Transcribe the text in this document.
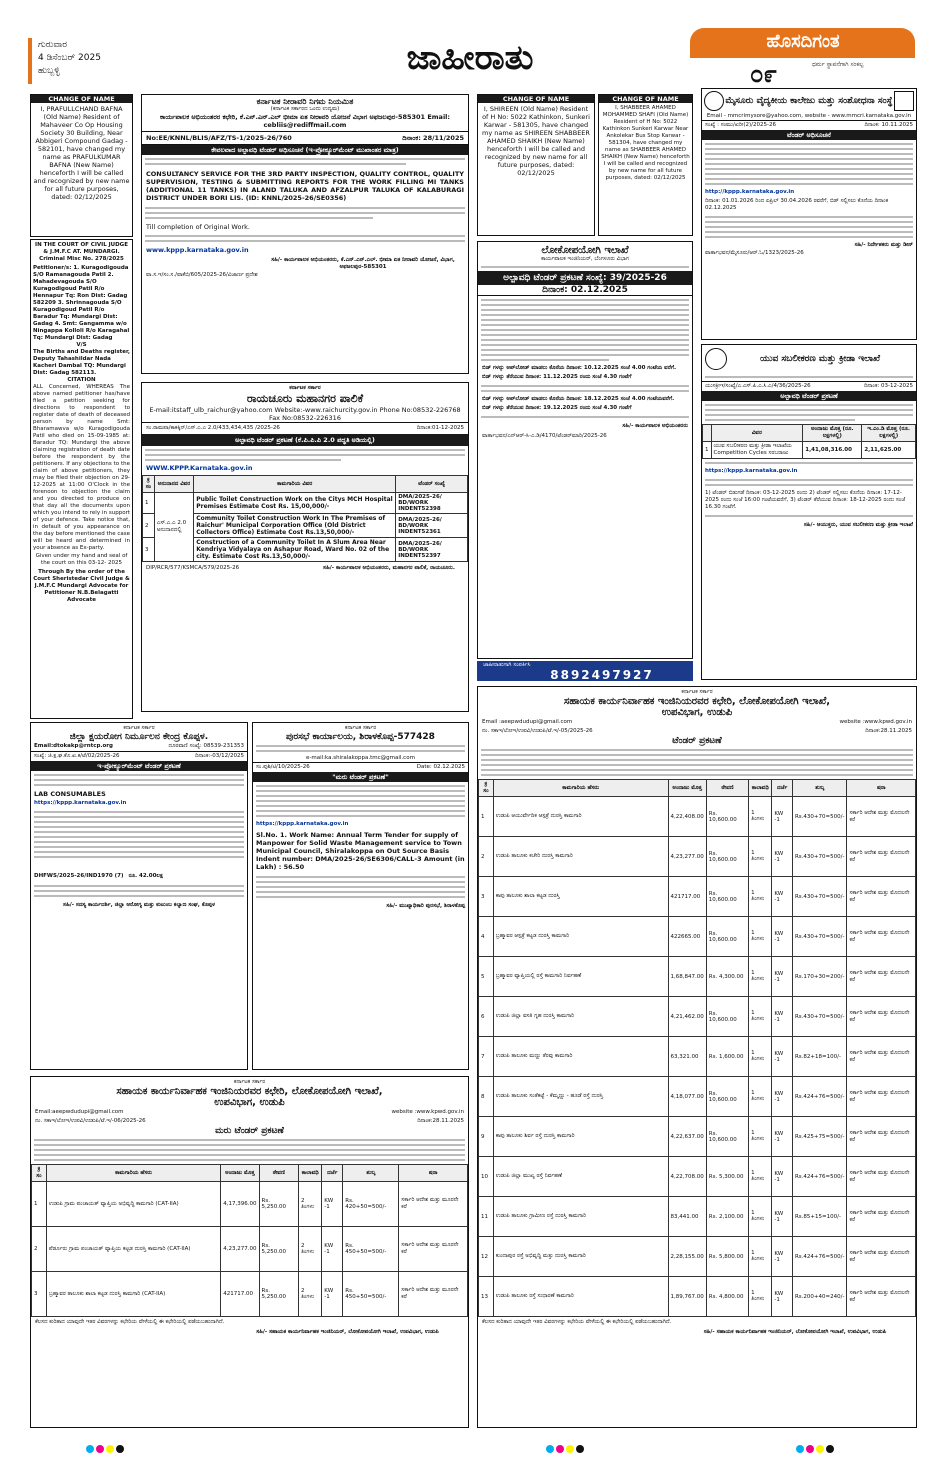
ಗುರುವಾರ
4 ಡಿಸೆಂಬರ್ 2025
ಹುಬ್ಬಳ್ಳಿ	ಜಾಹೀರಾತು	ಹೊಸದಿಗಂತ
೦೯	ಧರ್ಮ ಸ್ಥಾಪನೆಗಾಗಿ ಸಂಕಲ್ಪ
CHANGE OF NAME
I, PRAFULLCHAND BAFNA (Old Name) Resident of Mahaveer Co Op Housing Society 30 Building, Near Abbigeri Compound Gadag - 582101, have changed my name as PRAFULKUMAR BAFNA (New Name) henceforth I will be called and recognized by new name for all future purposes, dated: 02/12/2025
IN THE COURT OF CIVIL JUDGE & J.M.F.C AT. MUNDARGI. Criminal Misc No. 278/2025
Petitioner/s: 1. Kuragodigouda S/O Ramanagouda Patil 2. Mahadevagouda S/O Kuragodigoud Patil R/o Hennapur Tq: Ron Dist: Gadag 582209 3. Shrinnagouda S/O Kuragodigoud Patil R/o Baradur Tq: Mundargi Dist: Gadag 4. Smt: Gangamma w/o Ningappa Kolloli R/o Karagahal Tq: Mundargi Dist: Gadag
V/S
The Births and Deaths register, Deputy Tahashildar Nada Kacheri Dambal TQ: Mundargi Dist: Gadag 582113.
CITATION
ALL Concerned, WHEREAS The above named petitioner has/have filed a petition seeking for directions to respondent to register date of death of deceased person by name Smt: Bharamawva w/o Kuragodigouda Patil who died on 15-09-1985 at: Baradur TQ: Mundargi the above claiming registration of death date before the respondent by the petitioners. If any objections to the claim of above petitioners, they may be filed their objection on 29-12-2025 at 11:00 O'Clock in the forenoon to objection the claim and you directed to produce on that day all the documents upon which you intend to rely in support of your defence. Take notice that, in default of you appearance on the day before mentioned the case will be heard and determined in your absence as Ex-party.
Given under my hand and seal of the court on this 03-12- 2025
Through By the order of the Court Sheristedar Civil Judge & J.M.F.C Mundargi Advocate for Petitioner N.B.Belagatti Advocate
ಕರ್ನಾಟಕ ನೀರಾವರಿ ನಿಗಮ ನಿಯಮಿತ
(ಕರ್ನಾಟಕ ಸರ್ಕಾರದ ಒಂದು ಉದ್ಯಮ)
ಕಾರ್ಯಪಾಲಕ ಅಭಿಯಂತರರ ಕಛೇರಿ, ಕೆ.ಎನ್.ಎನ್.ಎಲ್ ಭೀಮಾ ಏತ ನೀರಾವರಿ ಯೋಜನೆ ವಿಭಾಗ ಅಫಜಲಪುರ-585301 Email: cebliis@rediffmail.com
No:EE/KNNL/BLIS/AFZ/TS-1/2025-26/760	ದಿನಾಂಕ: 28/11/2025
ಕೇವಲವಾದ ಅಲ್ಪಾವಧಿ ಟೆಂಡರ್ ಅಧಿಸೂಚನೆ (ಇ-ಪ್ರೋಕ್ಯೂರ್‌ಮೆಂಟ್ ಮುಖಾಂತರ ಮಾತ್ರ)
CONSULTANCY SERVICE FOR THE 3RD PARTY INSPECTION, QUALITY CONTROL, QUALITY SUPERVISION, TESTING & SUBMITTING REPORTS FOR THE WORK FILLING MI TANKS (ADDITIONAL 11 TANKS) IN ALAND TALUKA AND AFZALPUR TALUKA OF KALABURAGI DISTRICT UNDER BORI LIS. (ID: KNNL/2025-26/SE0356)
Till completion of Original Work.
www.kppp.karnataka.gov.in
ಸಹಿ/- ಕಾರ್ಯಪಾಲಕ ಅಭಿಯಂತರರು, ಕೆ.ಎನ್.ಎನ್.ಎಲ್. ಭೀಮಾ ಏತ ನೀರಾವರಿ ಯೋಜನೆ, ವಿಭಾಗ, ಅಫಜಲಪುರ-585301
ವಾ.ಸ.ಇ/ಸಂ.ಸ./ವಾಕೆಬಿ/605/2025-26/ವಿಜಾರ್ಣ ಪ್ರದೇಶ
ಕರ್ನಾಟಕ ಸರ್ಕಾರ
ರಾಯಚೂರು ಮಹಾನಗರ ಪಾಲಿಕೆ
E-mail:itstaff_ulb_raichur@yahoo.com Website:-www.raichurcity.gov.in Phone No:08532-226768 Fax No:08532-226316
ಸಂ.ರಾಮಪಾ/ಕಾಕಕ್ಕಿನ್/ಎಸ್.ಎ.ಎ 2.0/433,434,435 /2025-26	ದಿನಾಂಕ:01-12-2025
ಅಲ್ಪಾವಧಿ ಟೆಂಡರ್ ಪ್ರಕಟಣೆ (ಕೆ.ಪಿ.ಪಿ.ಪಿ 2.0 ಪದ್ಧತಿ ಅಡಿಯಲ್ಲಿ)
WWW.KPPP.Karnataka.gov.in
ಕ್ರ ಸಂ	ಅನುದಾನದ ವಿವರ	ಕಾಮಗಾರಿಯ ವಿವರ	ಟೆಂಡರ್ ಸಂಖ್ಯೆ
1	ಎಸ್.ಎ.ಎ 2.0 ಅನುದಾನದಲ್ಲಿ	Public Toilet Construction Work on the Citys MCH Hospital Premises Estimate Cost Rs. 15,00,000/-	DMA/2025-26/ BD/WORK INDENT52398
2		Community Toilet Construction Work In The Premises of Raichur' Municipal Corporation Office (Old District Collectors Office) Estimate Cost Rs.13,50,000/-	DMA/2025-26/ BD/WORK INDENT52361
3		Construction of a Community Toilet In A Slum Area Near Kendriya Vidyalaya on Ashapur Road, Ward No. 02 of the city. Estimate Cost Rs.13,50,000/-	DMA/2025-26/ BD/WORK INDENT52397
DIP/RCR/577/KSMCA/579/2025-26	ಸಹಿ/- ಕಾರ್ಯಪಾಲಕ ಅಭಿಯಂತರರು, ಮಹಾನಗರ ಪಾಲಿಕೆ, ರಾಯಚೂರು.
CHANGE OF NAME
I, SHIREEN (Old Name) Resident of H No: 5022 Kathinkon, Sunkeri Karwar - 581305, have changed my name as SHIREEN SHABBEER AHAMED SHAIKH (New Name) henceforth I will be called and recognized by new name for all future purposes, dated: 02/12/2025
CHANGE OF NAME
I, SHABBEER AHAMED MOHAMMED SHAFI (Old Name) Resident of H No: 5022 Kathinkon Sunkeri Karwar Near Ankolekar Bus Stop Karwar - 581304, have changed my name as SHABBEER AHAMED SHAIKH (New Name) henceforth I will be called and recognized by new name for all future purposes, dated: 02/12/2025
ಲೋಕೋಪಯೋಗಿ ಇಲಾಖೆ
ಕಾರ್ಯಪಾಲಕ ಇಂಜಿನಿಯರ್, ಬೆಂಗಳೂರು ವಿಭಾಗ
ಅಲ್ಪಾವಧಿ ಟೆಂಡರ್ ಪ್ರಕಟಣೆ ಸಂಖ್ಯೆ: 39/2025-26
ದಿನಾಂಕ: 02.12.2025
ಬಿಡ್ ಗಳನ್ನು ಅಪ್‌ಲೋಡ್ ಮಾಡಲು ಕೊನೆಯ ದಿನಾಂಕ: 10.12.2025 ಸಂಜೆ 4.00 ಗಂಟೆಯ ವರೆಗೆ.
ಬಿಡ್ ಗಳನ್ನು ತೆರೆಯುವ ದಿನಾಂಕ: 11.12.2025 ರಂದು ಸಂಜೆ 4.30 ಗಂಟೆಗೆ
ಬಿಡ್ ಗಳನ್ನು ಅಪ್‌ಲೋಡ್ ಮಾಡಲು ಕೊನೆಯ ದಿನಾಂಕ: 18.12.2025 ಸಂಜೆ 4.00 ಗಂಟೆಯವರೆಗೆ.
ಬಿಡ್ ಗಳನ್ನು ತೆರೆಯುವ ದಿನಾಂಕ: 19.12.2025 ರಂದು ಸಂಜೆ 4.30 ಗಂಟೆಗೆ
ಸಹಿ/- ಕಾರ್ಯಪಾಲಕ ಅಭಿಯಂತರರು
ವಾರ್ತಾಭವನ/ಎನ್‌ಆರ್-ಸಿ-ಎ.ಡಿ/4170/ಟೆಂಡರ್‌ಮಾರಿ/2025-26
ಜಾಹೀರಾತುಗಾಗಿ ಸಂಪರ್ಕಿಸಿ
8892497927
ಮೈಸೂರು ವೈದ್ಯಕೀಯ ಕಾಲೇಜು ಮತ್ತು ಸಂಶೋಧನಾ ಸಂಸ್ಥೆ
Email - mmcrimysore@yahoo.com, website - www.mmcri.karnataka.gov.in
ಸಂಖ್ಯೆ : ಸಂಮು/ಖರೀ(2)/2025-26	ದಿನಾಂಕ: 10.11.2025
ಟೆಂಡರ್ ಅಧಿಸೂಚನೆ
http://kppp.karnataka.gov.in
ದಿನಾಂಕ: 01.01.2026 ರಿಂದ ಏಪ್ರಿಲ್ 30.04.2026 ರವರೆಗೆ, ಬಿಡ್ ಸಲ್ಲಿಸಲು ಕೊನೆಯ ದಿನಾಂಕ 02.12.2025
ಸಹಿ/- ನಿರ್ದೇಶಕರು ಮತ್ತು ಡೀನ್
ವಾರ್ತಾಭವನ/ಮೈಸೂರು/ಆರ್.ಓ/1323/2025-26
ಯುವ ಸಬಲೀಕರಣ ಮತ್ತು ಕ್ರೀಡಾ ಇಲಾಖೆ
ಯುಸಕ್ರೀಇ/ಸಂಖ್ಯೆ/ಎ.ಎಸ್.ಪಿ.ಎ.ಸಿ.ಎ/4/36/2025-26	ದಿನಾಂಕ: 03-12-2025
ಅಲ್ಪಾವಧಿ ಟೆಂಡರ್ ಪ್ರಕಟಣೆ
	ವಿವರ	ಅಂದಾಜು ಮೊತ್ತ (ರೂ. ಲಕ್ಷಗಳಲ್ಲಿ)	ಇ.ಎಂ.ಡಿ ಮೊತ್ತ (ರೂ. ಲಕ್ಷಗಳಲ್ಲಿ)
1	ಯುವ ಸಬಲೀಕರಣ ಮತ್ತು ಕ್ರೀಡಾ ಇಲಾಖೆಯ Competition Cycles ಸರಬರಾಜು	1,41,08,316.00	2,11,625.00
https://kppp.karnataka.gov.in
1) ಟೆಂಡರ್ ಬಿಡುಗಡೆ ದಿನಾಂಕ: 03-12-2025 ರಂದು 2) ಟೆಂಡರ್ ಸಲ್ಲಿಸಲು ಕೊನೆಯ ದಿನಾಂಕ: 17-12-2025 ರಂದು ಸಂಜೆ 16:00 ಗಂಟೆಯವರೆಗೆ, 3) ಟೆಂಡರ್ ತೆರೆಯುವ ದಿನಾಂಕ: 18-12-2025 ರಂದು ಸಂಜೆ 16.30 ಗಂಟೆಗೆ.
ಸಹಿ/- ಆಯುಕ್ತರು, ಯುವ ಸಬಲೀಕರಣ ಮತ್ತು ಕ್ರೀಡಾ ಇಲಾಖೆ
ಕರ್ನಾಟಕ ಸರ್ಕಾರ
ಜಿಲ್ಲಾ ಕ್ಷಯರೋಗ ನಿರ್ಮೂಲನ ಕೇಂದ್ರ ಕೊಪ್ಪಳ.
Email:dtokakp@rntcp.org	ದೂರವಾಣಿ ಸಂಖ್ಯೆ: 08539-231353
ಸಂಖ್ಯೆ: ಜಿ.ಕ್ಷ.ಘ.ಕೊ.ಖ.ಕ/ಟೆ/02/2025-26	ದಿನಾಂಕ:-03/12/2025
ಇ-ಪ್ರೋಕ್ಯೂರ್‌ಮೆಂಟ್ ಟೆಂಡರ್ ಪ್ರಕಟಣೆ
LAB CONSUMABLES
https://kppp.karnataka.gov.in
DHFWS/2025-26/IND1970 (7) ರೂ. 42.00ಲಕ್ಷ
ಸಹಿ/- ಸದಸ್ಯ ಕಾರ್ಯದರ್ಶಿ, ಜಿಲ್ಲಾ ಆರೋಗ್ಯ ಮತ್ತು ಕುಟುಂಬ ಕಲ್ಯಾಣ ಸಂಘ, ಕೊಪ್ಪಳ
ಕರ್ನಾಟಕ ಸರ್ಕಾರ
ಪುರಸಭೆ ಕಾರ್ಯಾಲಯ, ಶಿರಾಳಕೊಪ್ಪ-577428
e-mail:ka.shiralakoppa.tmc@gmail.com
ಸಂ.ಪುಶಿ/ಟಿ/10/2025-26	Date: 02.12.2025
"ಮರು ಟೆಂಡರ್ ಪ್ರಕಟಣೆ"
https://kppp.karnataka.gov.in
Sl.No. 1. Work Name: Annual Term Tender for supply of Manpower for Solid Waste Management service to Town Municipal Council, Shiralakoppa on Out Source Basis Indent number: DMA/2025-26/SE6306/CALL-3 Amount (in Lakh) : 56.50
ಸಹಿ/- ಮುಖ್ಯಾಧಿಕಾರಿ ಪುರಸಭೆ, ಶಿರಾಳಕೊಪ್ಪ
ಕರ್ನಾಟಕ ಸರ್ಕಾರ
ಸಹಾಯಕ ಕಾರ್ಯನಿರ್ವಾಹಕ ಇಂಜಿನಿಯರವರ ಕಛೇರಿ, ಲೋಕೋಪಯೋಗಿ ಇಲಾಖೆ,
ಉಪವಿಭಾಗ, ಉಡುಪಿ
Email :aeepwdudupi@gmail.com	website :www.kpwd.gov.in
ನಂ. ಸಕಾಇ/ಲೋಇ/ಉಪವಿ/ಉಡುಪಿ/ಟೆ.ಇ/-05/2025-26	ದಿನಾಂಕ:28.11.2025
ಟೆಂಡರ್ ಪ್ರಕಟಣೆ
ಕ್ರ ಸಂ	ಕಾಮಗಾರಿಯ ಹೆಸರು	ಅಂದಾಜು ಮೊತ್ತ	ಠೇವಣಿ	ಕಾಲಾವಧಿ	ದರ್ಜೆ	ಶುಲ್ಕ	ಷರಾ
1	ಉಡುಪಿ ಆಯುರ್ವೇದಿಕ ಆಸ್ಪತ್ರೆ ದುರಸ್ತಿ ಕಾಮಗಾರಿ	4,22,408.00	Rs. 10,600.00	1 ತಿಂಗಳು	KW -1	Rs.430+70=500/-	ಸರ್ಕಾರಿ ಆದೇಶ ಮತ್ತು ಮೊದಲನೇ ಕರೆ
2	ಉಡುಪಿ ತಾಲೂಕು ಕಚೇರಿ ದುರಸ್ತಿ ಕಾಮಗಾರಿ	4,23,277.00	Rs. 10,600.00	1 ತಿಂಗಳು	KW -1	Rs.430+70=500/-	ಸರ್ಕಾರಿ ಆದೇಶ ಮತ್ತು ಮೊದಲನೇ ಕರೆ
3	ಕಾಪು ತಾಲೂಕು ಶಾಲಾ ಕಟ್ಟಡ ದುರಸ್ತಿ	421717.00	Rs. 10,600.00	1 ತಿಂಗಳು	KW -1	Rs.430+70=500/-	ಸರ್ಕಾರಿ ಆದೇಶ ಮತ್ತು ಮೊದಲನೇ ಕರೆ
4	ಬ್ರಹ್ಮಾವರ ಆಸ್ಪತ್ರೆ ಕಟ್ಟಡ ದುರಸ್ತಿ ಕಾಮಗಾರಿ	422665.00	Rs. 10,600.00	1 ತಿಂಗಳು	KW -1	Rs.430+70=500/-	ಸರ್ಕಾರಿ ಆದೇಶ ಮತ್ತು ಮೊದಲನೇ ಕರೆ
5	ಬ್ರಹ್ಮಾವರ ವ್ಯಾಪ್ತಿಯಲ್ಲಿ ರಸ್ತೆ ಕಾಮಗಾರಿ ನಿರ್ವಹಣೆ	1,68,847.00	Rs. 4,300.00	1 ತಿಂಗಳು	KW -1	Rs.170+30=200/-	ಸರ್ಕಾರಿ ಆದೇಶ ಮತ್ತು ಮೊದಲನೇ ಕರೆ
6	ಉಡುಪಿ ಜಿಲ್ಲಾ ವಸತಿ ಗೃಹ ದುರಸ್ತಿ ಕಾಮಗಾರಿ	4,21,462.00	Rs. 10,600.00	1 ತಿಂಗಳು	KW -1	Rs.430+70=500/-	ಸರ್ಕಾರಿ ಆದೇಶ ಮತ್ತು ಮೊದಲನೇ ಕರೆ
7	ಉಡುಪಿ ತಾಲೂಕು ಮಣ್ಣು ತೆರವು ಕಾಮಗಾರಿ	63,321.00	Rs. 1,600.00	1 ತಿಂಗಳು	KW -1	Rs.82+18=100/-	ಸರ್ಕಾರಿ ಆದೇಶ ಮತ್ತು ಮೊದಲನೇ ಕರೆ
8	ಉಡುಪಿ ತಾಲೂಕು ಸಂತೆಕಟ್ಟೆ - ಕೆಮ್ಮಣ್ಣು - ಹೂಡೆ ರಸ್ತೆ ದುರಸ್ತಿ	4,18,077.00	Rs. 10,600.00	1 ತಿಂಗಳು	KW -1	Rs.424+76=500/-	ಸರ್ಕಾರಿ ಆದೇಶ ಮತ್ತು ಮೊದಲನೇ ಕರೆ
9	ಕಾಪು ತಾಲೂಕು ಶಿರ್ವ ರಸ್ತೆ ದುರಸ್ತಿ ಕಾಮಗಾರಿ	4,22,637.00	Rs. 10,600.00	1 ತಿಂಗಳು	KW -1	Rs.425+75=500/-	ಸರ್ಕಾರಿ ಆದೇಶ ಮತ್ತು ಮೊದಲನೇ ಕರೆ
10	ಉಡುಪಿ ಜಿಲ್ಲಾ ಮುಖ್ಯ ರಸ್ತೆ ನಿರ್ವಹಣೆ	4,22,708.00	Rs. 5,300.00	1 ತಿಂಗಳು	KW -1	Rs.424+76=500/-	ಸರ್ಕಾರಿ ಆದೇಶ ಮತ್ತು ಮೊದಲನೇ ಕರೆ
11	ಉಡುಪಿ ತಾಲೂಕು ಗ್ರಾಮೀಣ ರಸ್ತೆ ದುರಸ್ತಿ ಕಾಮಗಾರಿ	83,441.00	Rs. 2,100.00	1 ತಿಂಗಳು	KW -1	Rs.85+15=100/-	ಸರ್ಕಾರಿ ಆದೇಶ ಮತ್ತು ಮೊದಲನೇ ಕರೆ
12	ಕುಂದಾಪುರ ರಸ್ತೆ ಅಭಿವೃದ್ಧಿ ಮತ್ತು ದುರಸ್ತಿ ಕಾಮಗಾರಿ	2,28,155.00	Rs. 5,800.00	1 ತಿಂಗಳು	KW -1	Rs.424+76=500/-	ಸರ್ಕಾರಿ ಆದೇಶ ಮತ್ತು ಮೊದಲನೇ ಕರೆ
13	ಉಡುಪಿ ತಾಲೂಕು ರಸ್ತೆ ಸುಧಾರಣೆ ಕಾಮಗಾರಿ	1,89,767.00	Rs. 4,800.00	1 ತಿಂಗಳು	KW -1	Rs.200+40=240/-	ಸರ್ಕಾರಿ ಆದೇಶ ಮತ್ತು ಮೊದಲನೇ ಕರೆ
ಕೆಲಸದ ಕುರಿತಾದ ಯಾವುದೇ ಇತರ ವಿವರಗಳನ್ನು ಕಛೇರಿಯ ವೇಳೆಯಲ್ಲಿ ಈ ಕಛೇರಿಯಲ್ಲಿ ಪಡೆಯಬಹುದಾಗಿದೆ.
ಸಹಿ/- ಸಹಾಯಕ ಕಾರ್ಯನಿರ್ವಾಹಕ ಇಂಜಿನಿಯರ್, ಲೋಕೋಪಯೋಗಿ ಇಲಾಖೆ, ಉಪವಿಭಾಗ, ಉಡುಪಿ
ಕರ್ನಾಟಕ ಸರ್ಕಾರ
ಸಹಾಯಕ ಕಾರ್ಯನಿರ್ವಾಹಕ ಇಂಜಿನಿಯರವರ ಕಛೇರಿ, ಲೋಕೋಪಯೋಗಿ ಇಲಾಖೆ,
ಉಪವಿಭಾಗ, ಉಡುಪಿ
Email:aeepwdudupi@gmail.com	website :www.kpwd.gov.in
ನಂ. ಸಕಾಇ/ಲೋಇ/ಉಪವಿ/ಉಡುಪಿ/ಟೆ.ಇ/-06/2025-26	ದಿನಾಂಕ:28.11.2025
ಮರು ಟೆಂಡರ್ ಪ್ರಕಟಣೆ
ಕ್ರ ಸಂ	ಕಾಮಗಾರಿಯ ಹೆಸರು	ಅಂದಾಜು ಮೊತ್ತ	ಠೇವಣಿ	ಕಾಲಾವಧಿ	ದರ್ಜೆ	ಶುಲ್ಕ	ಷರಾ
1	ಉಡುಪಿ ಗ್ರಾಮ ಪಂಚಾಯತ್ ವ್ಯಾಪ್ತಿಯ ಅಭಿವೃದ್ಧಿ ಕಾಮಗಾರಿ (CAT-IIA)	4,17,396.00	Rs. 5,250.00	2 ತಿಂಗಳು	KW -1	Rs. 420+50=500/-	ಸರ್ಕಾರಿ ಆದೇಶ ಮತ್ತು ಮೂರನೇ ಕರೆ
2	ಪೆರ್ಡೂರು ಗ್ರಾಮ ಪಂಚಾಯತ್ ವ್ಯಾಪ್ತಿಯ ಕಟ್ಟಡ ದುರಸ್ತಿ ಕಾಮಗಾರಿ (CAT-IIA)	4,23,277.00	Rs. 5,250.00	2 ತಿಂಗಳು	KW -1	Rs. 450+50=500/-	ಸರ್ಕಾರಿ ಆದೇಶ ಮತ್ತು ಮೂರನೇ ಕರೆ
3	ಬ್ರಹ್ಮಾವರ ತಾಲೂಕು ಶಾಲಾ ಕಟ್ಟಡ ದುರಸ್ತಿ ಕಾಮಗಾರಿ (CAT-IIA)	421717.00	Rs. 5,250.00	2 ತಿಂಗಳು	KW -1	Rs. 450+50=500/-	ಸರ್ಕಾರಿ ಆದೇಶ ಮತ್ತು ಮೂರನೇ ಕರೆ
ಕೆಲಸದ ಕುರಿತಾದ ಯಾವುದೇ ಇತರ ವಿವರಗಳನ್ನು ಕಛೇರಿಯ ವೇಳೆಯಲ್ಲಿ ಈ ಕಛೇರಿಯಲ್ಲಿ ಪಡೆಯಬಹುದಾಗಿದೆ.
ಸಹಿ/- ಸಹಾಯಕ ಕಾರ್ಯನಿರ್ವಾಹಕ ಇಂಜಿನಿಯರ್, ಲೋಕೋಪಯೋಗಿ ಇಲಾಖೆ, ಉಪವಿಭಾಗ, ಉಡುಪಿ
